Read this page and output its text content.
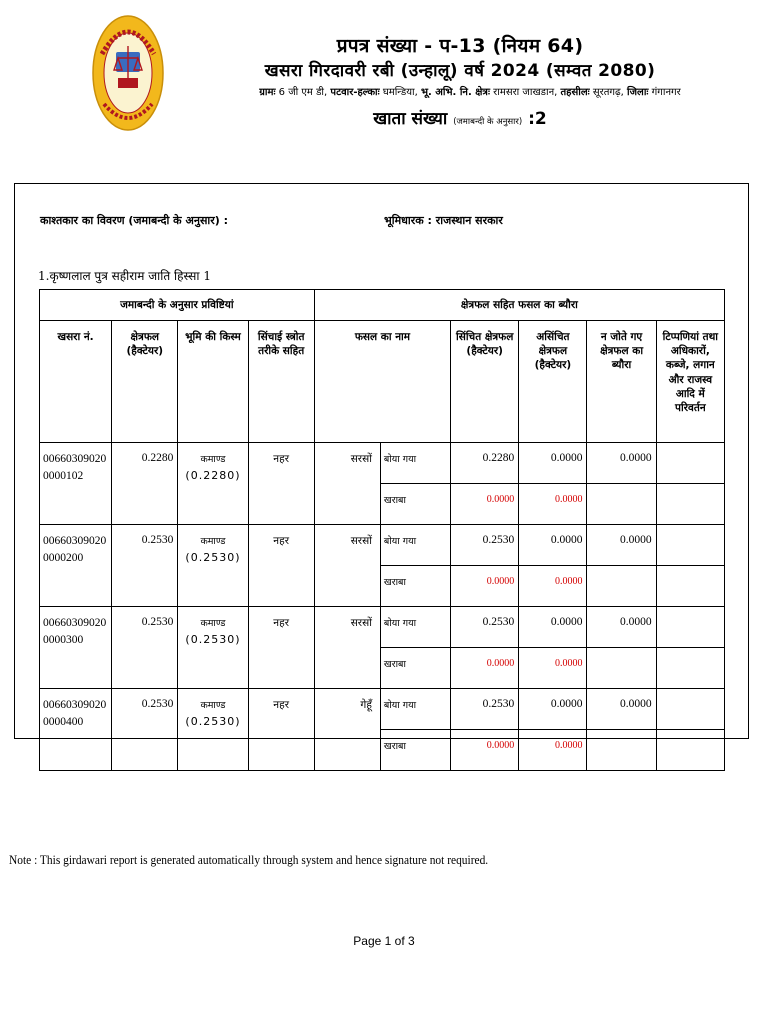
प्रपत्र संख्या - प-13 (नियम 64)
खसरा गिरदावरी रबी (उन्हालू) वर्ष 2024 (सम्वत 2080)
ग्रामः 6 जी एम डी, पटवार-हल्काः घमन्डिया, भू. अभि. नि. क्षेत्रः रामसरा जाखडान, तहसीलः सूरतगढ़, जिलाः गंगानगर
खाता संख्या (जमाबन्दी के अनुसार) :2
काश्तकार का विवरण (जमाबन्दी के अनुसार) :	भूमिधारक : राजस्थान सरकार
1.कृष्णलाल पुत्र सहीराम जाति हिस्सा 1
जमाबन्दी के अनुसार प्रविष्टियां				क्षेत्रफल सहित फसल का ब्यौरा					
खसरा नं.	क्षेत्रफल (हैक्टेयर)	भूमि की किस्म	सिंचाई स्त्रोत तरीके सहित	फसल का नाम		सिंचित क्षेत्रफल (हैक्टेयर)	असिंचित क्षेत्रफल (हैक्टेयर)	न जोते गए क्षेत्रफल का ब्यौरा	टिप्पणियां तथा अधिकारों, कब्जे, लगान और राजस्व आदि में परिवर्तन
006603090200000102	0.2280	कमाण्ड
(0.2280)	नहर	सरसों	बोया गया	0.2280	0.0000	0.0000	
					खराबा	0.0000	0.0000		
006603090200000200	0.2530	कमाण्ड
(0.2530)	नहर	सरसों	बोया गया	0.2530	0.0000	0.0000	
					खराबा	0.0000	0.0000		
006603090200000300	0.2530	कमाण्ड
(0.2530)	नहर	सरसों	बोया गया	0.2530	0.0000	0.0000	
					खराबा	0.0000	0.0000		
006603090200000400	0.2530	कमाण्ड
(0.2530)	नहर	गेहूँ	बोया गया	0.2530	0.0000	0.0000	
					खराबा	0.0000	0.0000		
Note : This girdawari report is generated automatically through system and hence signature not required.
Page 1 of 3
